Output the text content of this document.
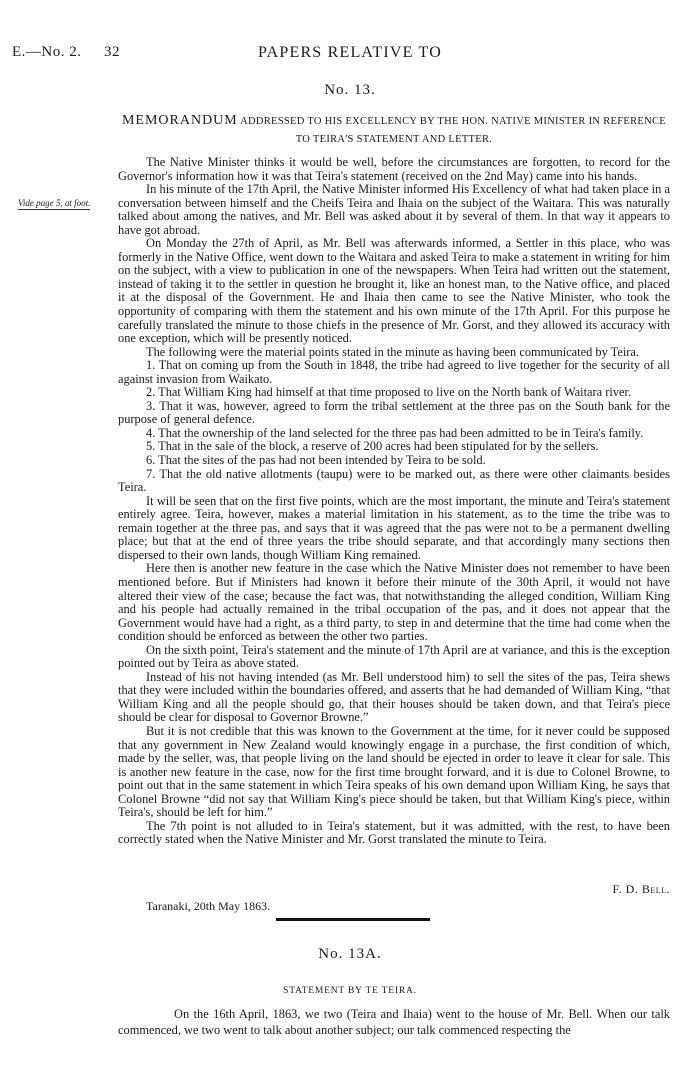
E.—No. 2. 32	PAPERS RELATIVE TO
No. 13.
MEMORANDUM ADDRESSED TO HIS EXCELLENCY BY THE HON. NATIVE MINISTER IN REFERENCE
TO TEIRA'S STATEMENT AND LETTER.
Vide page 5, at foot.

The Native Minister thinks it would be well, before the circumstances are forgotten, to record for the Governor's information how it was that Teira's statement (received on the 2nd May) came into his hands.

In his minute of the 17th April, the Native Minister informed His Excellency of what had taken place in a conversation between himself and the Cheifs Teira and Ihaia on the subject of the Waitara. This was naturally talked about among the natives, and Mr. Bell was asked about it by several of them. In that way it appears to have got abroad.

On Monday the 27th of April, as Mr. Bell was afterwards informed, a Settler in this place, who was formerly in the Native Office, went down to the Waitara and asked Teira to make a statement in writing for him on the subject, with a view to publication in one of the newspapers. When Teira had written out the statement, instead of taking it to the settler in question he brought it, like an honest man, to the Native office, and placed it at the disposal of the Government. He and Ihaia then came to see the Native Minister, who took the opportunity of comparing with them the statement and his own minute of the 17th April. For this purpose he carefully translated the minute to those chiefs in the presence of Mr. Gorst, and they allowed its accuracy with one exception, which will be presently noticed.

The following were the material points stated in the minute as having been communicated by Teira.

1. That on coming up from the South in 1848, the tribe had agreed to live together for the security of all against invasion from Waikato.

2. That William King had himself at that time proposed to live on the North bank of Waitara river.

3. That it was, however, agreed to form the tribal settlement at the three pas on the South bank for the purpose of general defence.

4. That the ownership of the land selected for the three pas had been admitted to be in Teira's family.

5. That in the sale of the block, a reserve of 200 acres had been stipulated for by the sellers.

6. That the sites of the pas had not been intended by Teira to be sold.

7. That the old native allotments (taupu) were to be marked out, as there were other claimants besides Teira.

It will be seen that on the first five points, which are the most important, the minute and Teira's statement entirely agree. Teira, however, makes a material limitation in his statement, as to the time the tribe was to remain together at the three pas, and says that it was agreed that the pas were not to be a permanent dwelling place; but that at the end of three years the tribe should separate, and that accordingly many sections then dispersed to their own lands, though William King remained.

Here then is another new feature in the case which the Native Minister does not remember to have been mentioned before. But if Ministers had known it before their minute of the 30th April, it would not have altered their view of the case; because the fact was, that notwithstanding the alleged condition, William King and his people had actually remained in the tribal occupation of the pas, and it does not appear that the Government would have had a right, as a third party, to step in and determine that the time had come when the condition should be enforced as between the other two parties.

On the sixth point, Teira's statement and the minute of 17th April are at variance, and this is the exception pointed out by Teira as above stated.

Instead of his not having intended (as Mr. Bell understood him) to sell the sites of the pas, Teira shews that they were included within the boundaries offered, and asserts that he had demanded of William King, “that William King and all the people should go, that their houses should be taken down, and that Teira's piece should be clear for disposal to Governor Browne.”

But it is not credible that this was known to the Government at the time, for it never could be supposed that any government in New Zealand would knowingly engage in a purchase, the first condition of which, made by the seller, was, that people living on the land should be ejected in order to leave it clear for sale. This is another new feature in the case, now for the first time brought forward, and it is due to Colonel Browne, to point out that in the same statement in which Teira speaks of his own demand upon William King, he says that Colonel Browne “did not say that William King's piece should be taken, but that William King's piece, within Teira's, should be left for him.”

The 7th point is not alluded to in Teira's statement, but it was admitted, with the rest, to have been correctly stated when the Native Minister and Mr. Gorst translated the minute to Teira.

F. D. Bell.
Taranaki, 20th May 1863.
No. 13A.
STATEMENT BY TE TEIRA.

On the 16th April, 1863, we two (Teira and Ihaia) went to the house of Mr. Bell. When our talk commenced, we two went to talk about another subject; our talk commenced respecting the
